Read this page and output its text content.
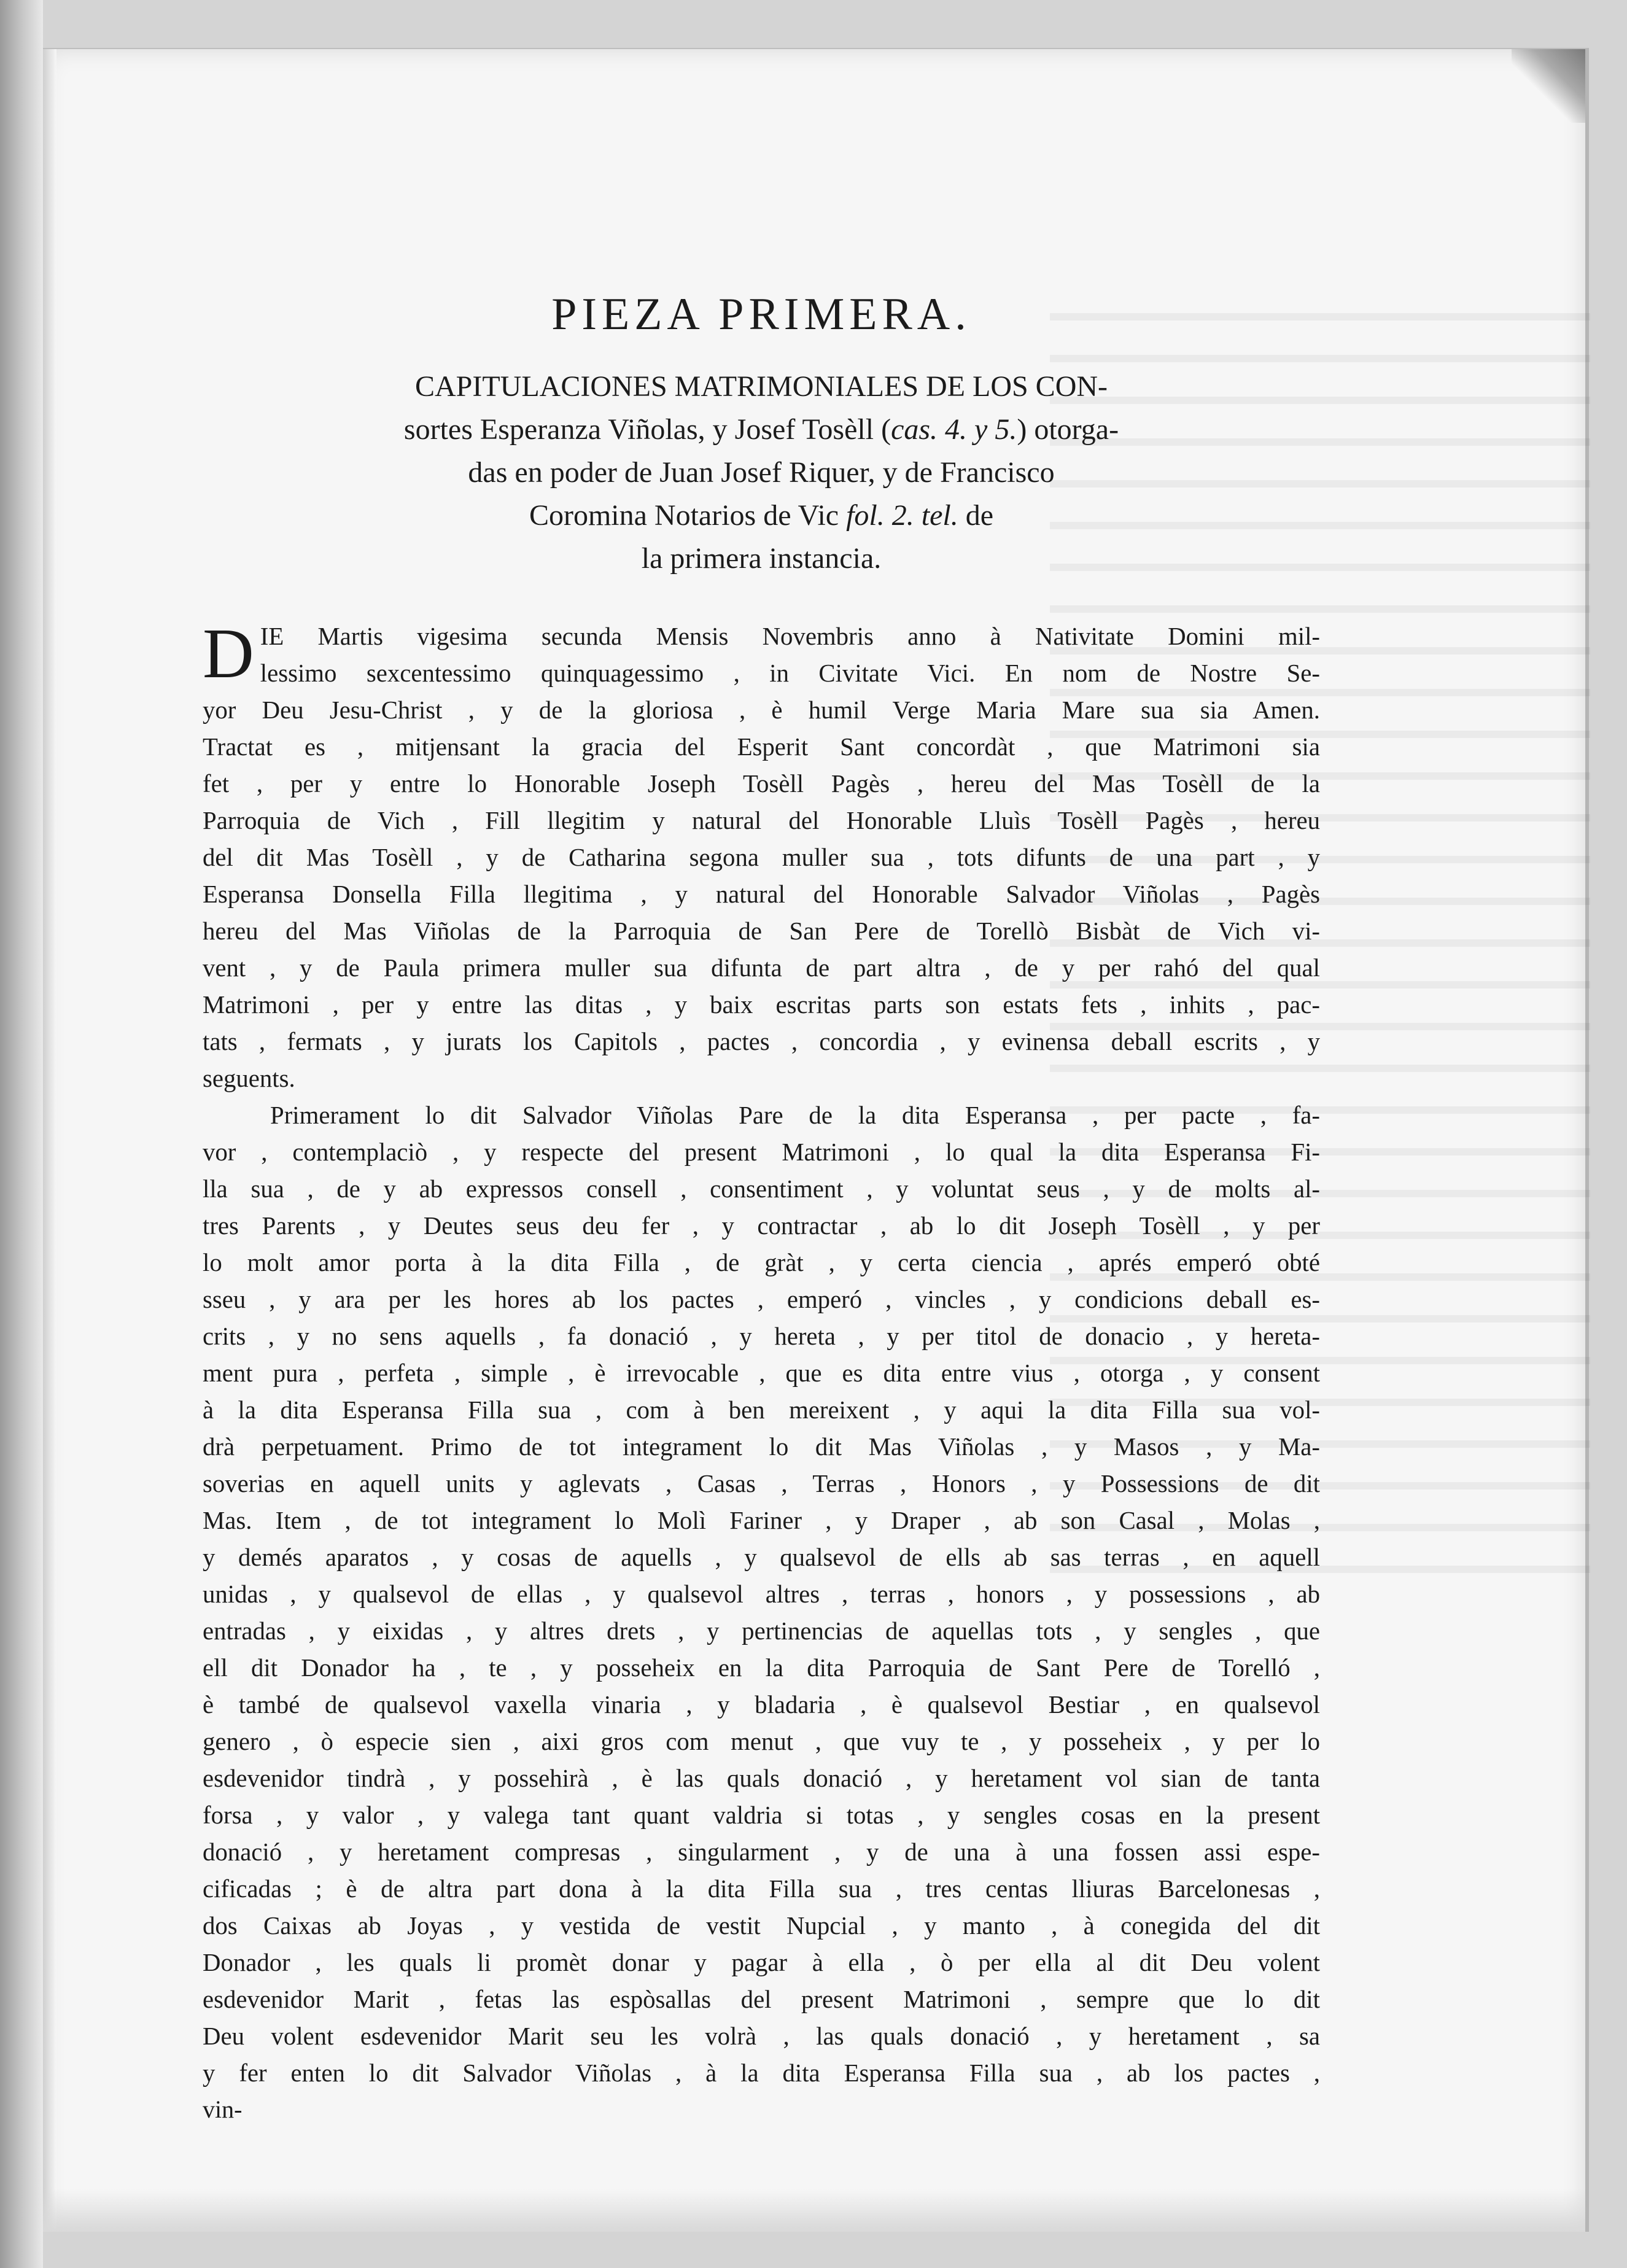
PIEZA PRIMERA.

CAPITULACIONES MATRIMONIALES DE LOS CON-

sortes Esperanza Viñolas, y Josef Tosèll (cas. 4. y 5.) otorga-

das en poder de Juan Josef Riquer, y de Francisco

Coromina Notarios de Vic fol. 2. tel. de

la primera instancia.

D IE Martis vigesima secunda Mensis Novembris anno à Nativitate Domini mil-

lessimo sexcentessimo quinquagessimo , in Civitate Vici. En nom de Nostre Se-

yor Deu Jesu-Christ , y de la gloriosa , è humil Verge Maria Mare sua sia Amen.

Tractat es , mitjensant la gracia del Esperit Sant concordàt , que Matrimoni sia

fet , per y entre lo Honorable Joseph Tosèll Pagès , hereu del Mas Tosèll de la

Parroquia de Vich , Fill llegitim y natural del Honorable Lluìs Tosèll Pagès , hereu

del dit Mas Tosèll , y de Catharina segona muller sua , tots difunts de una part , y

Esperansa Donsella Filla llegitima , y natural del Honorable Salvador Viñolas , Pagès

hereu del Mas Viñolas de la Parroquia de San Pere de Torellò Bisbàt de Vich vi-

vent , y de Paula primera muller sua difunta de part altra , de y per rahó del qual

Matrimoni , per y entre las ditas , y baix escritas parts son estats fets , inhits , pac-

tats , fermats , y jurats los Capitols , pactes , concordia , y evinensa deball escrits , y

seguents.

Primerament lo dit Salvador Viñolas Pare de la dita Esperansa , per pacte , fa-

vor , contemplaciò , y respecte del present Matrimoni , lo qual la dita Esperansa Fi-

lla sua , de y ab expressos consell , consentiment , y voluntat seus , y de molts al-

tres Parents , y Deutes seus deu fer , y contractar , ab lo dit Joseph Tosèll , y per

lo molt amor porta à la dita Filla , de gràt , y certa ciencia , aprés emperó obté

sseu , y ara per les hores ab los pactes , emperó , vincles , y condicions deball es-

crits , y no sens aquells , fa donació , y hereta , y per titol de donacio , y hereta-

ment pura , perfeta , simple , è irrevocable , que es dita entre vius , otorga , y consent

à la dita Esperansa Filla sua , com à ben mereixent , y aqui la dita Filla sua vol-

drà perpetuament. Primo de tot integrament lo dit Mas Viñolas , y Masos , y Ma-

soverias en aquell units y aglevats , Casas , Terras , Honors , y Possessions de dit

Mas. Item , de tot integrament lo Molì Fariner , y Draper , ab son Casal , Molas ,

y demés aparatos , y cosas de aquells , y qualsevol de ells ab sas terras , en aquell

unidas , y qualsevol de ellas , y qualsevol altres , terras , honors , y possessions , ab

entradas , y eixidas , y altres drets , y pertinencias de aquellas tots , y sengles , que

ell dit Donador ha , te , y posseheix en la dita Parroquia de Sant Pere de Torelló ,

è també de qualsevol vaxella vinaria , y bladaria , è qualsevol Bestiar , en qualsevol

genero , ò especie sien , aixi gros com menut , que vuy te , y posseheix , y per lo

esdevenidor tindrà , y possehirà , è las quals donació , y heretament vol sian de tanta

forsa , y valor , y valega tant quant valdria si totas , y sengles cosas en la present

donació , y heretament compresas , singularment , y de una à una fossen assi espe-

cificadas ; è de altra part dona à la dita Filla sua , tres centas lliuras Barcelonesas ,

dos Caixas ab Joyas , y vestida de vestit Nupcial , y manto , à conegida del dit

Donador , les quals li promèt donar y pagar à ella , ò per ella al dit Deu volent

esdevenidor Marit , fetas las espòsallas del present Matrimoni , sempre que lo dit

Deu volent esdevenidor Marit seu les volrà , las quals donació , y heretament , sa

y fer enten lo dit Salvador Viñolas , à la dita Esperansa Filla sua , ab los pactes ,

vin-
